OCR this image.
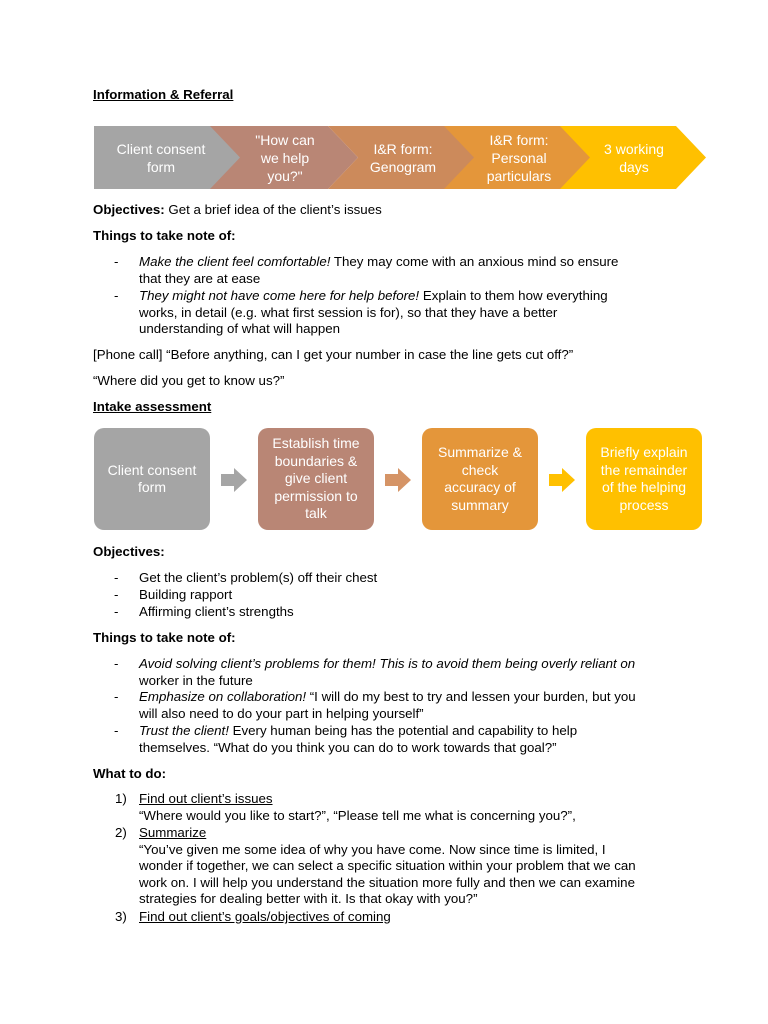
Information & Referral
Client consent
form
"How can
we help
you?"
I&R form:
Genogram
I&R form:
Personal
particulars
3 working
days
Objectives: Get a brief idea of the client’s issues
Things to take note of:
- Make the client feel comfortable! They may come with an anxious mind so ensure
that they are at ease
- They might not have come here for help before! Explain to them how everything
works, in detail (e.g. what first session is for), so that they have a better
understanding of what will happen
[Phone call] “Before anything, can I get your number in case the line gets cut off?”
“Where did you get to know us?”
Intake assessment
Client consent
form
Establish time
boundaries &
give client
permission to
talk
Summarize &
check
accuracy of
summary
Briefly explain
the remainder
of the helping
process
Objectives:
- Get the client’s problem(s) off their chest
- Building rapport
- Affirming client’s strengths
Things to take note of:
- Avoid solving client’s problems for them! This is to avoid them being overly reliant on
worker in the future
- Emphasize on collaboration! “I will do my best to try and lessen your burden, but you
will also need to do your part in helping yourself”
- Trust the client! Every human being has the potential and capability to help
themselves. “What do you think you can do to work towards that goal?”
What to do:
1) Find out client’s issues
“Where would you like to start?”, “Please tell me what is concerning you?”,
2) Summarize
“You’ve given me some idea of why you have come. Now since time is limited, I
wonder if together, we can select a specific situation within your problem that we can
work on. I will help you understand the situation more fully and then we can examine
strategies for dealing better with it. Is that okay with you?”
3) Find out client’s goals/objectives of coming
